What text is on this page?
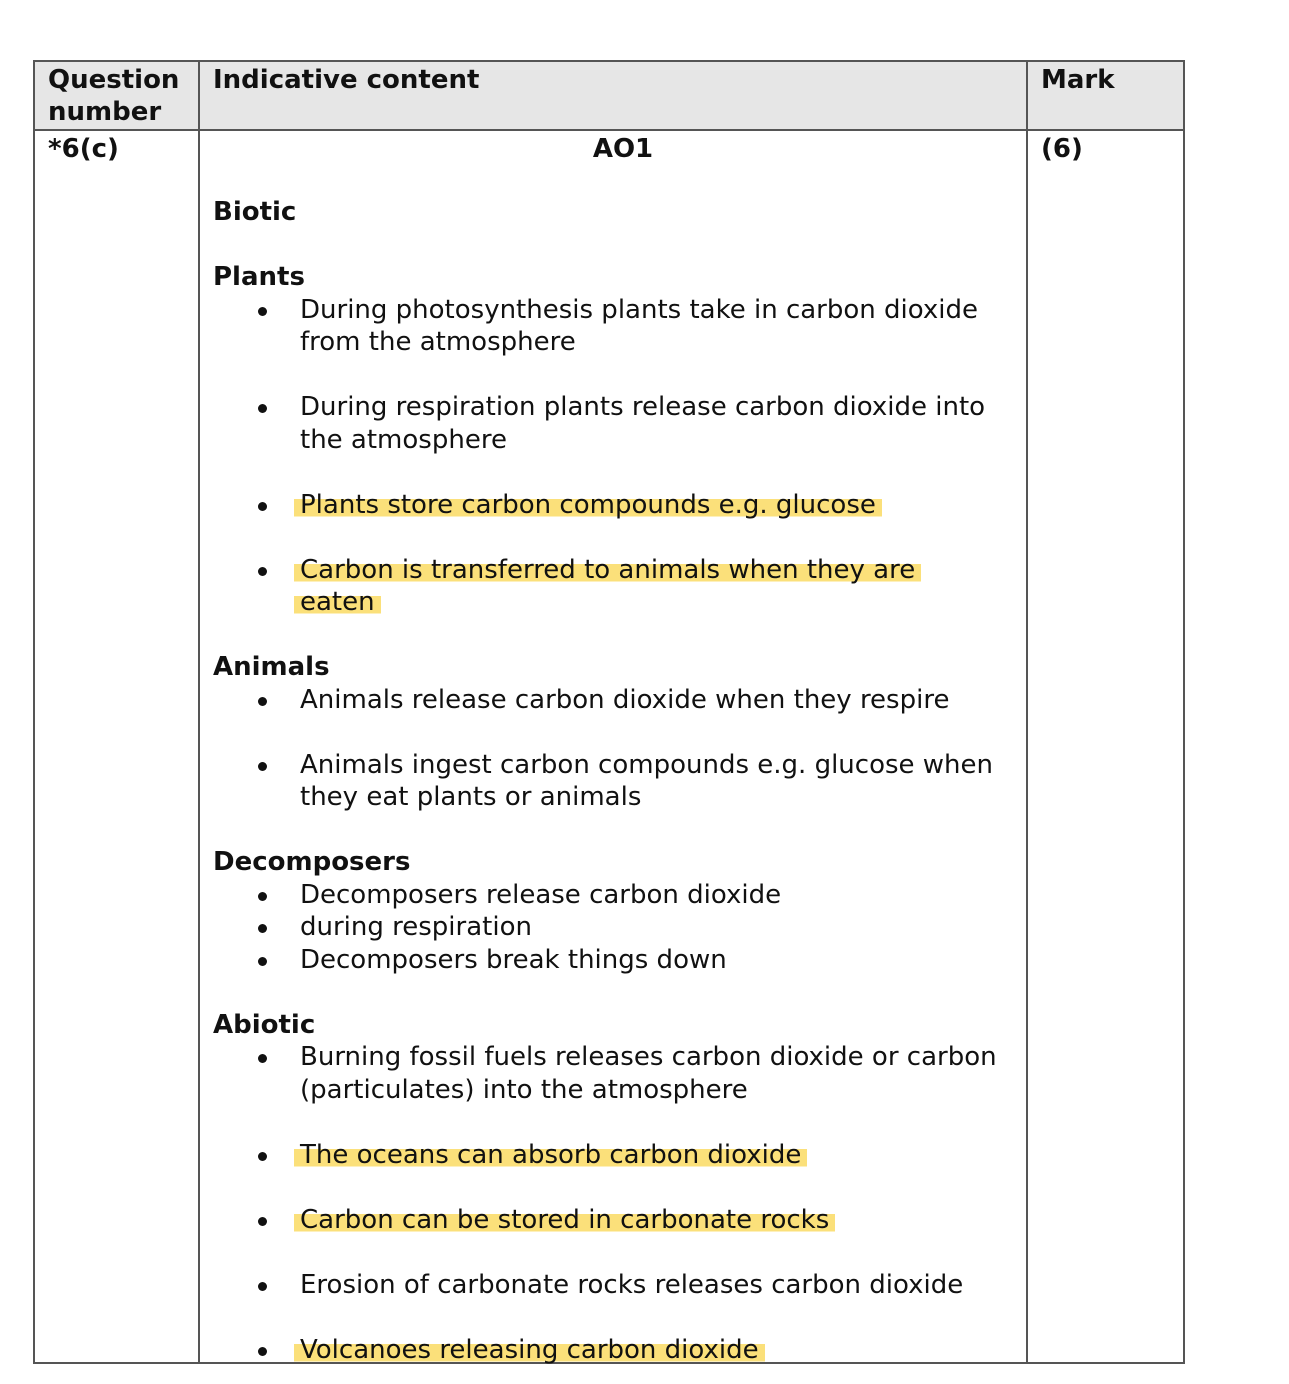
Question
number
Indicative content	Mark
*6(c)	(6)
AO1

Biotic

Plants

During photosynthesis plants take in carbon dioxide from the atmosphere
During respiration plants release carbon dioxide into the atmosphere
Plants store carbon compounds e.g. glucose
Carbon is transferred to animals when they are eaten

Animals

Animals release carbon dioxide when they respire
Animals ingest carbon compounds e.g. glucose when they eat plants or animals

Decomposers

Decomposers release carbon dioxide
during respiration
Decomposers break things down

Abiotic

Burning fossil fuels releases carbon dioxide or carbon (particulates) into the atmosphere
The oceans can absorb carbon dioxide
Carbon can be stored in carbonate rocks
Erosion of carbonate rocks releases carbon dioxide
Volcanoes releasing carbon dioxide
